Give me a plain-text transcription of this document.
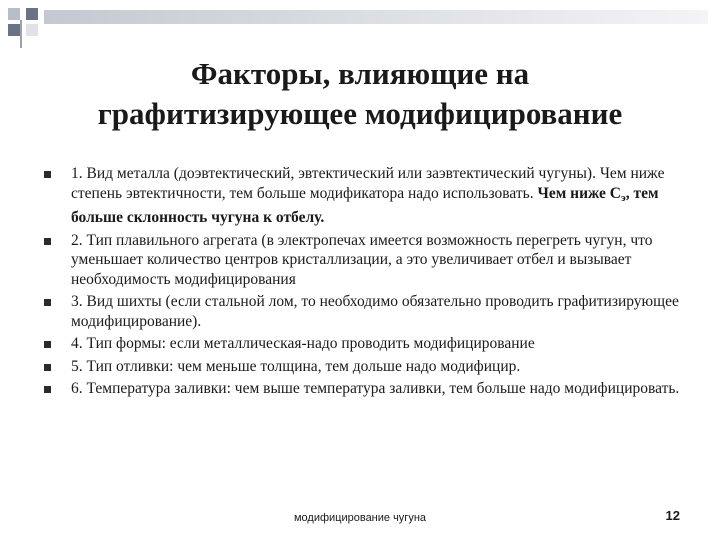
Факторы, влияющие на
графитизирующее модифицирование
1. Вид металла (доэвтектический, эвтектический или заэвтектический чугуны). Чем ниже степень эвтектичности, тем больше модификатора надо использовать. Чем ниже $С_э$, тем больше склонность чугуна к отбелу.
2. Тип плавильного агрегата (в электропечах имеется возможность перегреть чугун, что уменьшает количество центров кристаллизации, а это увеличивает отбел и вызывает необходимость модифицирования
3. Вид шихты (если стальной лом, то необходимо обязательно проводить графитизирующее модифицирование).
4. Тип формы: если металлическая-надо проводить модифицирование
5. Тип отливки: чем меньше толщина, тем дольше надо модифицир.
6. Температура заливки: чем выше температура заливки, тем больше надо модифицировать.
модифицирование чугуна	12
